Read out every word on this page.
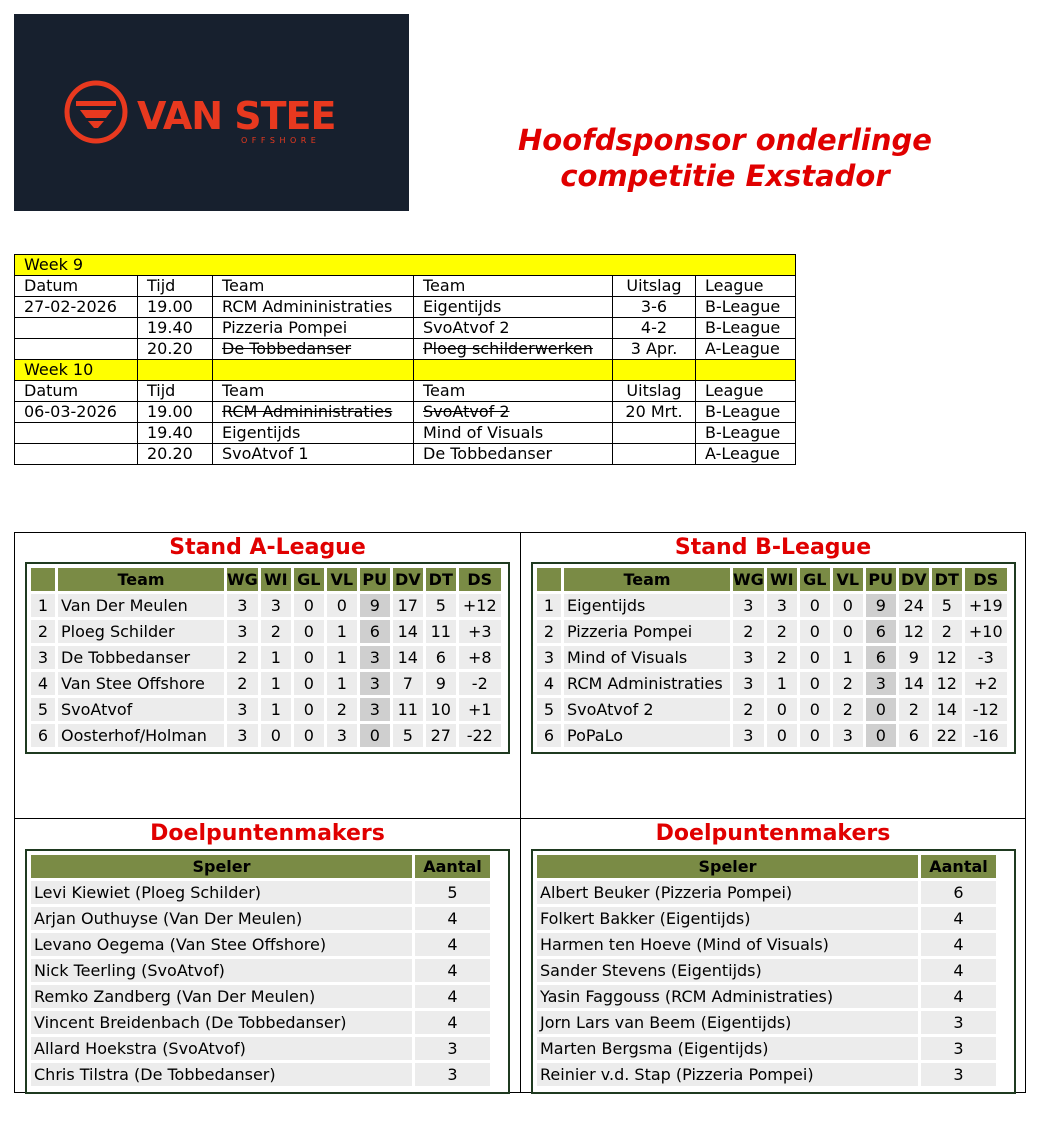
VAN STEE
OFFSHORE	Hoofdsponsor onderlinge
competitie Exstador
Week 9					
Datum	Tijd	Team	Team	Uitslag	League
27-02-2026	19.00	RCM Admininistraties	Eigentijds	3-6	B-League
	19.40	Pizzeria Pompei	SvoAtvof 2	4-2	B-League
	20.20	De Tobbedanser	Ploeg schilderwerken	3 Apr.	A-League
Week 10					
Datum	Tijd	Team	Team	Uitslag	League
06-03-2026	19.00	RCM Admininistraties	SvoAtvof 2	20 Mrt.	B-League
	19.40	Eigentijds	Mind of Visuals		B-League
	20.20	SvoAtvof 1	De Tobbedanser		A-League
Stand A-League
	Team	WG	WI	GL	VL	PU	DV	DT	DS
1	Van Der Meulen	3	3	0	0	9	17	5	+12
2	Ploeg Schilder	3	2	0	1	6	14	11	+3
3	De Tobbedanser	2	1	0	1	3	14	6	+8
4	Van Stee Offshore	2	1	0	1	3	7	9	-2
5	SvoAtvof	3	1	0	2	3	11	10	+1
6	Oosterhof/Holman	3	0	0	3	0	5	27	-22
Stand B-League
	Team	WG	WI	GL	VL	PU	DV	DT	DS
1	Eigentijds	3	3	0	0	9	24	5	+19
2	Pizzeria Pompei	2	2	0	0	6	12	2	+10
3	Mind of Visuals	3	2	0	1	6	9	12	-3
4	RCM Administraties	3	1	0	2	3	14	12	+2
5	SvoAtvof 2	2	0	0	2	0	2	14	-12
6	PoPaLo	3	0	0	3	0	6	22	-16
Doelpuntenmakers
Speler	Aantal
Levi Kiewiet (Ploeg Schilder)	5
Arjan Outhuyse (Van Der Meulen)	4
Levano Oegema (Van Stee Offshore)	4
Nick Teerling (SvoAtvof)	4
Remko Zandberg (Van Der Meulen)	4
Vincent Breidenbach (De Tobbedanser)	4
Allard Hoekstra (SvoAtvof)	3
Chris Tilstra (De Tobbedanser)	3
Doelpuntenmakers
Speler	Aantal
Albert Beuker (Pizzeria Pompei)	6
Folkert Bakker (Eigentijds)	4
Harmen ten Hoeve (Mind of Visuals)	4
Sander Stevens (Eigentijds)	4
Yasin Faggouss (RCM Administraties)	4
Jorn Lars van Beem (Eigentijds)	3
Marten Bergsma (Eigentijds)	3
Reinier v.d. Stap (Pizzeria Pompei)	3
